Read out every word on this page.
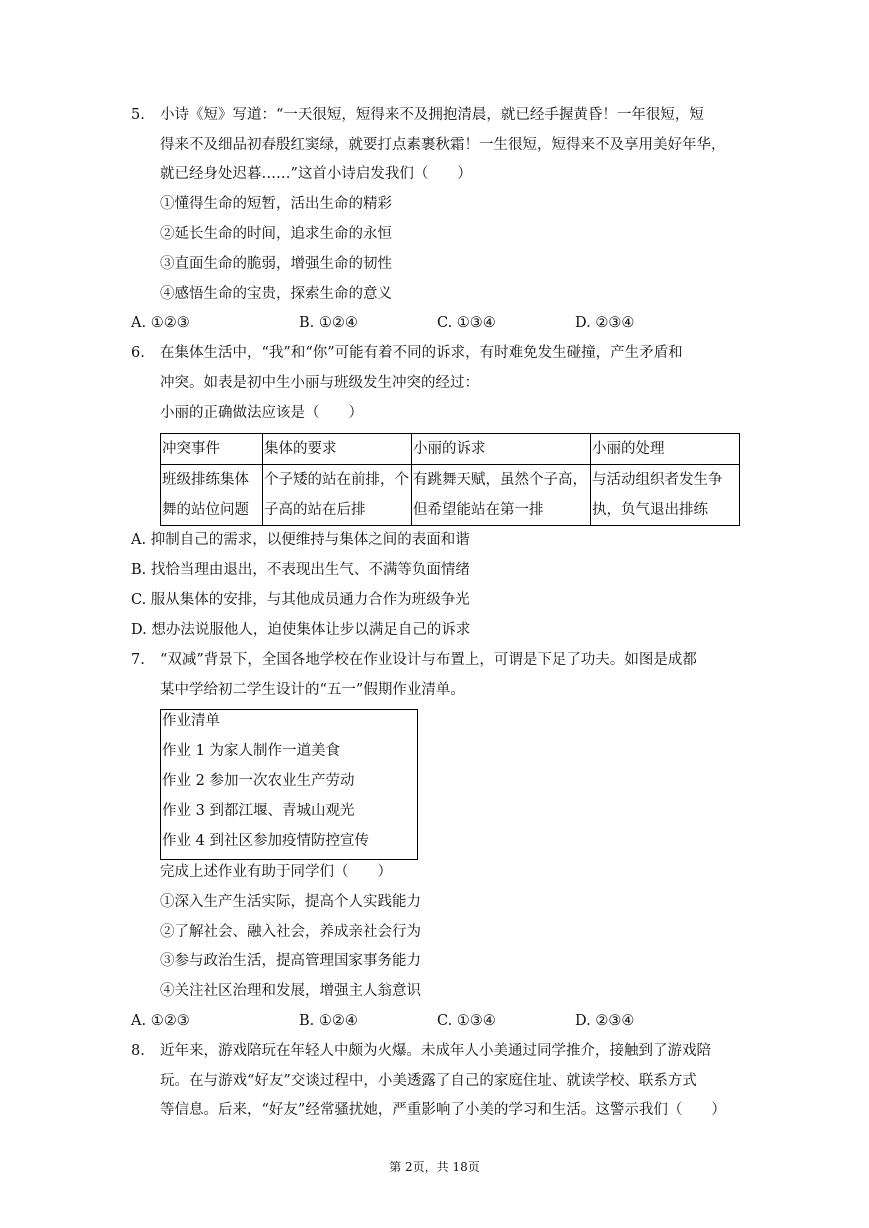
5. 小诗《短》写道：“一天很短，短得来不及拥抱清晨，就已经手握黄昏！一年很短，短
得来不及细品初春殷红窦绿，就要打点素裹秋霜！一生很短，短得来不及享用美好年华，
就已经身处迟暮……”这首小诗启发我们（　　）
①懂得生命的短暂，活出生命的精彩
②延长生命的时间，追求生命的永恒
③直面生命的脆弱，增强生命的韧性
④感悟生命的宝贵，探索生命的意义
A. ①②③	B. ①②④	C. ①③④	D. ②③④
6. 在集体生活中，“我”和“你”可能有着不同的诉求，有时难免发生碰撞，产生矛盾和
冲突。如表是初中生小丽与班级发生冲突的经过：
小丽的正确做法应该是（　　）
冲突事件	集体的要求	小丽的诉求	小丽的处理
班级排练集体舞的站位问题	个子矮的站在前排，个子高的站在后排	有跳舞天赋，虽然个子高，但希望能站在第一排	与活动组织者发生争执，负气退出排练
A. 抑制自己的需求，以便维持与集体之间的表面和谐
B. 找恰当理由退出，不表现出生气、不满等负面情绪
C. 服从集体的安排，与其他成员通力合作为班级争光
D. 想办法说服他人，迫使集体让步以满足自己的诉求
7. “双减”背景下，全国各地学校在作业设计与布置上，可谓是下足了功夫。如图是成都
某中学给初二学生设计的“五一”假期作业清单。
作业清单
作业 1 为家人制作一道美食
作业 2 参加一次农业生产劳动
作业 3 到都江堰、青城山观光
作业 4 到社区参加疫情防控宣传
完成上述作业有助于同学们（　　）
①深入生产生活实际，提高个人实践能力
②了解社会、融入社会，养成亲社会行为
③参与政治生活，提高管理国家事务能力
④关注社区治理和发展，增强主人翁意识
A. ①②③	B. ①②④	C. ①③④	D. ②③④
8. 近年来，游戏陪玩在年轻人中颇为火爆。未成年人小美通过同学推介，接触到了游戏陪
玩。在与游戏“好友”交谈过程中，小美透露了自己的家庭住址、就读学校、联系方式
等信息。后来，“好友”经常骚扰她，严重影响了小美的学习和生活。这警示我们（　　）
第 2页，共 18页
